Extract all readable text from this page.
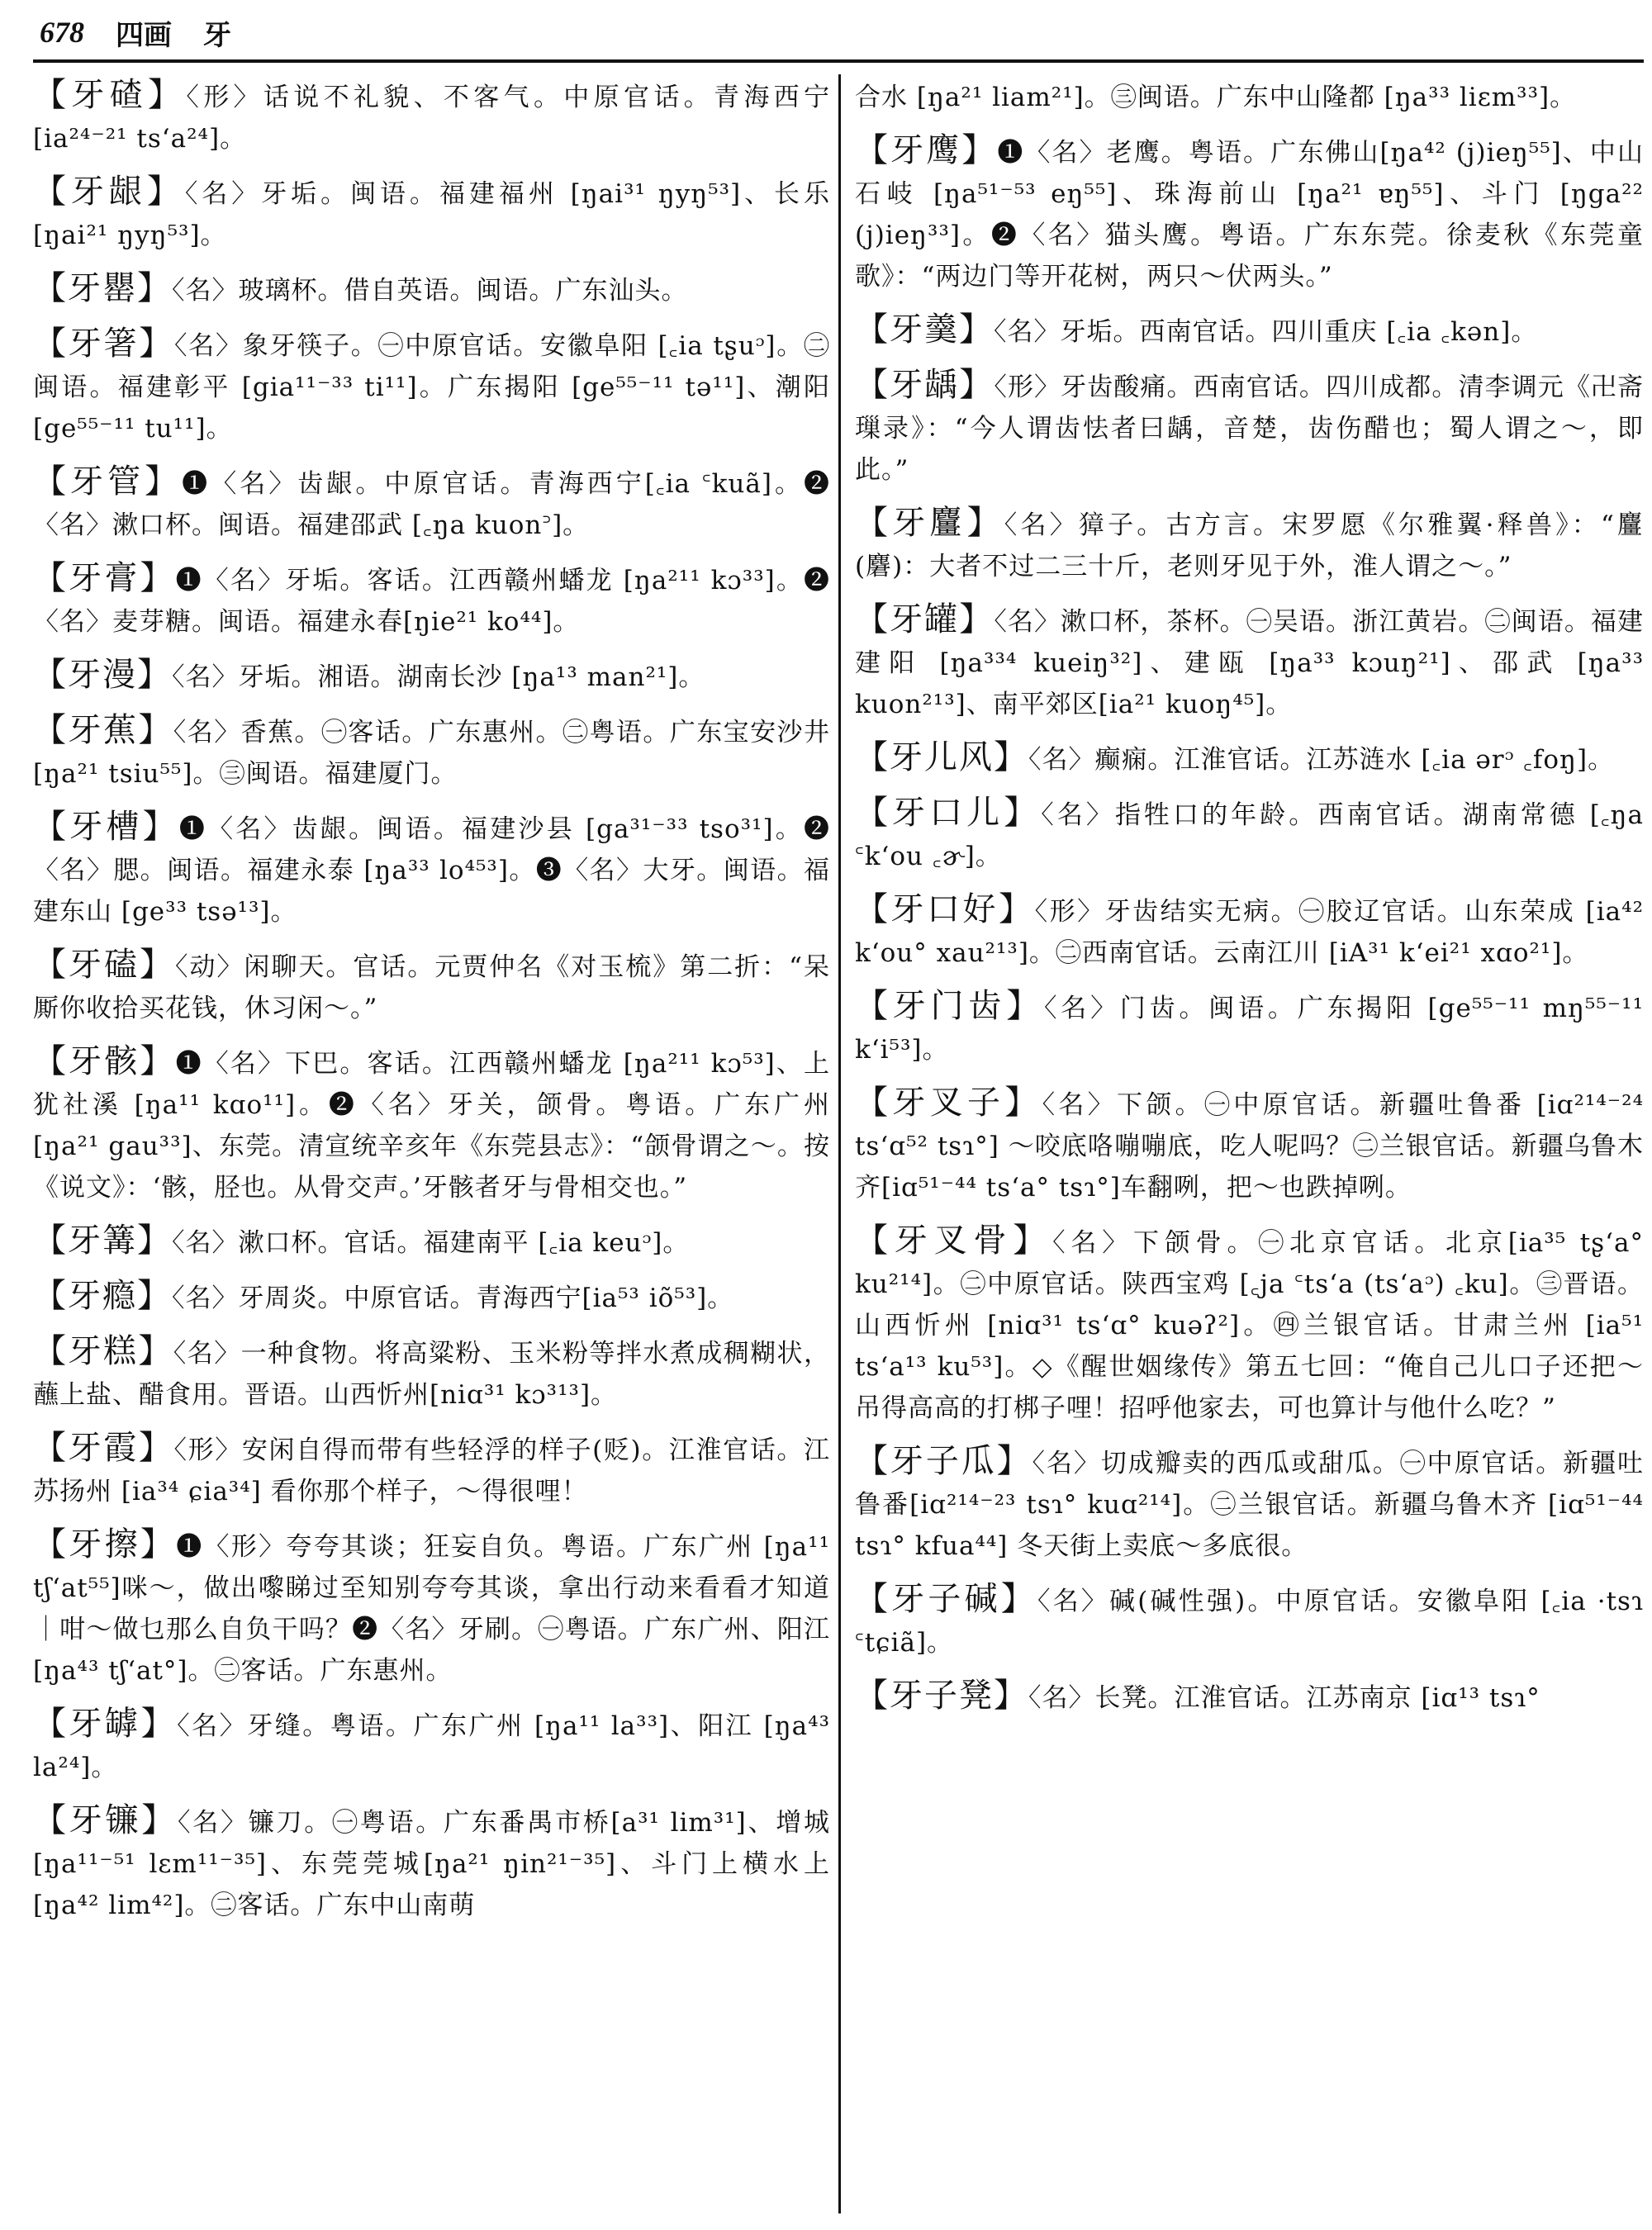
678 四画 牙

【牙碴】〈形〉话说不礼貌、不客气。中原官话。青海西宁 [ia²⁴⁻²¹ tsʻa²⁴]。

【牙龈】〈名〉牙垢。闽语。福建福州 [ŋai³¹ ŋyŋ⁵³]、长乐 [ŋai²¹ ŋyŋ⁵³]。

【牙罌】〈名〉玻璃杯。借自英语。闽语。广东汕头。

【牙箸】〈名〉象牙筷子。㊀中原官话。安徽阜阳 [꜀ia tʂuᵓ]。㊁闽语。福建彰平 [gia¹¹⁻³³ ti¹¹]。广东揭阳 [ge⁵⁵⁻¹¹ tə¹¹]、潮阳 [ge⁵⁵⁻¹¹ tu¹¹]。

【牙管】❶〈名〉齿龈。中原官话。青海西宁[꜀ia ꜂kuã]。❷〈名〉漱口杯。闽语。福建邵武 [꜀ŋa kuon꜄]。

【牙膏】❶〈名〉牙垢。客话。江西赣州蟠龙 [ŋa²¹¹ kɔ³³]。❷〈名〉麦芽糖。闽语。福建永春[ŋie²¹ ko⁴⁴]。

【牙漫】〈名〉牙垢。湘语。湖南长沙 [ŋa¹³ man²¹]。

【牙蕉】〈名〉香蕉。㊀客话。广东惠州。㊁粤语。广东宝安沙井 [ŋa²¹ tsiu⁵⁵]。㊂闽语。福建厦门。

【牙槽】❶〈名〉齿龈。闽语。福建沙县 [ga³¹⁻³³ tso³¹]。❷〈名〉腮。闽语。福建永泰 [ŋa³³ lo⁴⁵³]。❸〈名〉大牙。闽语。福建东山 [ge³³ tsə¹³]。

【牙磕】〈动〉闲聊天。官话。元贾仲名《对玉梳》第二折：“呆厮你收拾买花钱，休习闲～。”

【牙骸】❶〈名〉下巴。客话。江西赣州蟠龙 [ŋa²¹¹ kɔ⁵³]、上犹社溪 [ŋa¹¹ kɑo¹¹]。❷〈名〉牙关，颌骨。粤语。广东广州 [ŋa²¹ gau³³]、东莞。清宣统辛亥年《东莞县志》：“颌骨谓之～。按《说文》：‘骸，胫也。从骨交声。’牙骸者牙与骨相交也。”

【牙篝】〈名〉漱口杯。官话。福建南平 [꜀ia keuᵓ]。

【牙瘾】〈名〉牙周炎。中原官话。青海西宁[ia⁵³ iõ⁵³]。

【牙糕】〈名〉一种食物。将高粱粉、玉米粉等拌水煮成稠糊状，蘸上盐、醋食用。晋语。山西忻州[niɑ³¹ kɔ³¹³]。

【牙霞】〈形〉安闲自得而带有些轻浮的样子(贬)。江淮官话。江苏扬州 [ia³⁴ ɕia³⁴] 看你那个样子，～得很哩！

【牙擦】❶〈形〉夸夸其谈；狂妄自负。粤语。广东广州 [ŋa¹¹ tʃʻat⁵⁵]咪～，做出嚟睇过至知别夸夸其谈，拿出行动来看看才知道｜咁～做乜那么自负干吗？❷〈名〉牙刷。㊀粤语。广东广州、阳江[ŋa⁴³ tʃʻat°]。㊁客话。广东惠州。

【牙罅】〈名〉牙缝。粤语。广东广州 [ŋa¹¹ la³³]、阳江 [ŋa⁴³ la²⁴]。

【牙镰】〈名〉镰刀。㊀粤语。广东番禺市桥[a³¹ lim³¹]、增城 [ŋa¹¹⁻⁵¹ lɛm¹¹⁻³⁵]、东莞莞城[ŋa²¹ ŋin²¹⁻³⁵]、斗门上横水上 [ŋa⁴² lim⁴²]。㊁客话。广东中山南萌

合水 [ŋa²¹ liam²¹]。㊂闽语。广东中山隆都 [ŋa³³ liɛm³³]。

【牙鹰】❶〈名〉老鹰。粤语。广东佛山[ŋa⁴² (j)ieŋ⁵⁵]、中山石岐 [ŋa⁵¹⁻⁵³ eŋ⁵⁵]、珠海前山 [ŋa²¹ ɐŋ⁵⁵]、斗门 [ŋga²² (j)ieŋ³³]。❷〈名〉猫头鹰。粤语。广东东莞。徐麦秋《东莞童歌》：“两边门等开花树，两只～伏两头。”

【牙羹】〈名〉牙垢。西南官话。四川重庆 [꜀ia ꜀kən]。

【牙龋】〈形〉牙齿酸痛。西南官话。四川成都。清李调元《卍斋璅录》：“今人谓齿怯者曰龋，音楚，齿伤醋也；蜀人谓之～，即此。”

【牙麠】〈名〉獐子。古方言。宋罗愿《尔雅翼·释兽》：“麠(麏)：大者不过二三十斤，老则牙见于外，淮人谓之～。”

【牙罐】〈名〉漱口杯，茶杯。㊀吴语。浙江黄岩。㊁闽语。福建建阳 [ŋa³³⁴ kueiŋ³²]、建瓯 [ŋa³³ kɔuŋ²¹]、邵武 [ŋa³³ kuon²¹³]、南平郊区[ia²¹ kuoŋ⁴⁵]。

【牙儿风】〈名〉癫痫。江淮官话。江苏涟水 [꜀ia ərᵓ ꜀foŋ]。

【牙口儿】〈名〉指牲口的年龄。西南官话。湖南常德 [꜀ŋa ꜂kʻou ꜀ɚ]。

【牙口好】〈形〉牙齿结实无病。㊀胶辽官话。山东荣成 [ia⁴² kʻou° xau²¹³]。㊁西南官话。云南江川 [iA³¹ kʻei²¹ xɑo²¹]。

【牙门齿】〈名〉门齿。闽语。广东揭阳 [ge⁵⁵⁻¹¹ mŋ⁵⁵⁻¹¹ kʻi⁵³]。

【牙叉子】〈名〉下颌。㊀中原官话。新疆吐鲁番 [iɑ²¹⁴⁻²⁴ tsʻɑ⁵² tsɿ°] ～咬底咯嘣嘣底，吃人呢吗？㊁兰银官话。新疆乌鲁木齐[iɑ⁵¹⁻⁴⁴ tsʻa° tsɿ°]车翻咧，把～也跌掉咧。

【牙叉骨】〈名〉下颌骨。㊀北京官话。北京[ia³⁵ tʂʻa° ku²¹⁴]。㊁中原官话。陕西宝鸡 [꜀ja ꜂tsʻa (tsʻaᵓ) ꜀ku]。㊂晋语。山西忻州 [niɑ³¹ tsʻɑ° kuəʔ²]。㊃兰银官话。甘肃兰州 [ia⁵¹ tsʻa¹³ ku⁵³]。◇《醒世姻缘传》第五七回：“俺自己儿口子还把～吊得高高的打梆子哩！招呼他家去，可也算计与他什么吃？”

【牙子瓜】〈名〉切成瓣卖的西瓜或甜瓜。㊀中原官话。新疆吐鲁番[iɑ²¹⁴⁻²³ tsɿ° kuɑ²¹⁴]。㊁兰银官话。新疆乌鲁木齐 [iɑ⁵¹⁻⁴⁴ tsɿ° kfua⁴⁴] 冬天街上卖底～多底很。

【牙子碱】〈名〉碱(碱性强)。中原官话。安徽阜阳 [꜀ia ·tsɿ ꜂tɕiã]。

【牙子凳】〈名〉长凳。江淮官话。江苏南京 [iɑ¹³ tsɿ°
